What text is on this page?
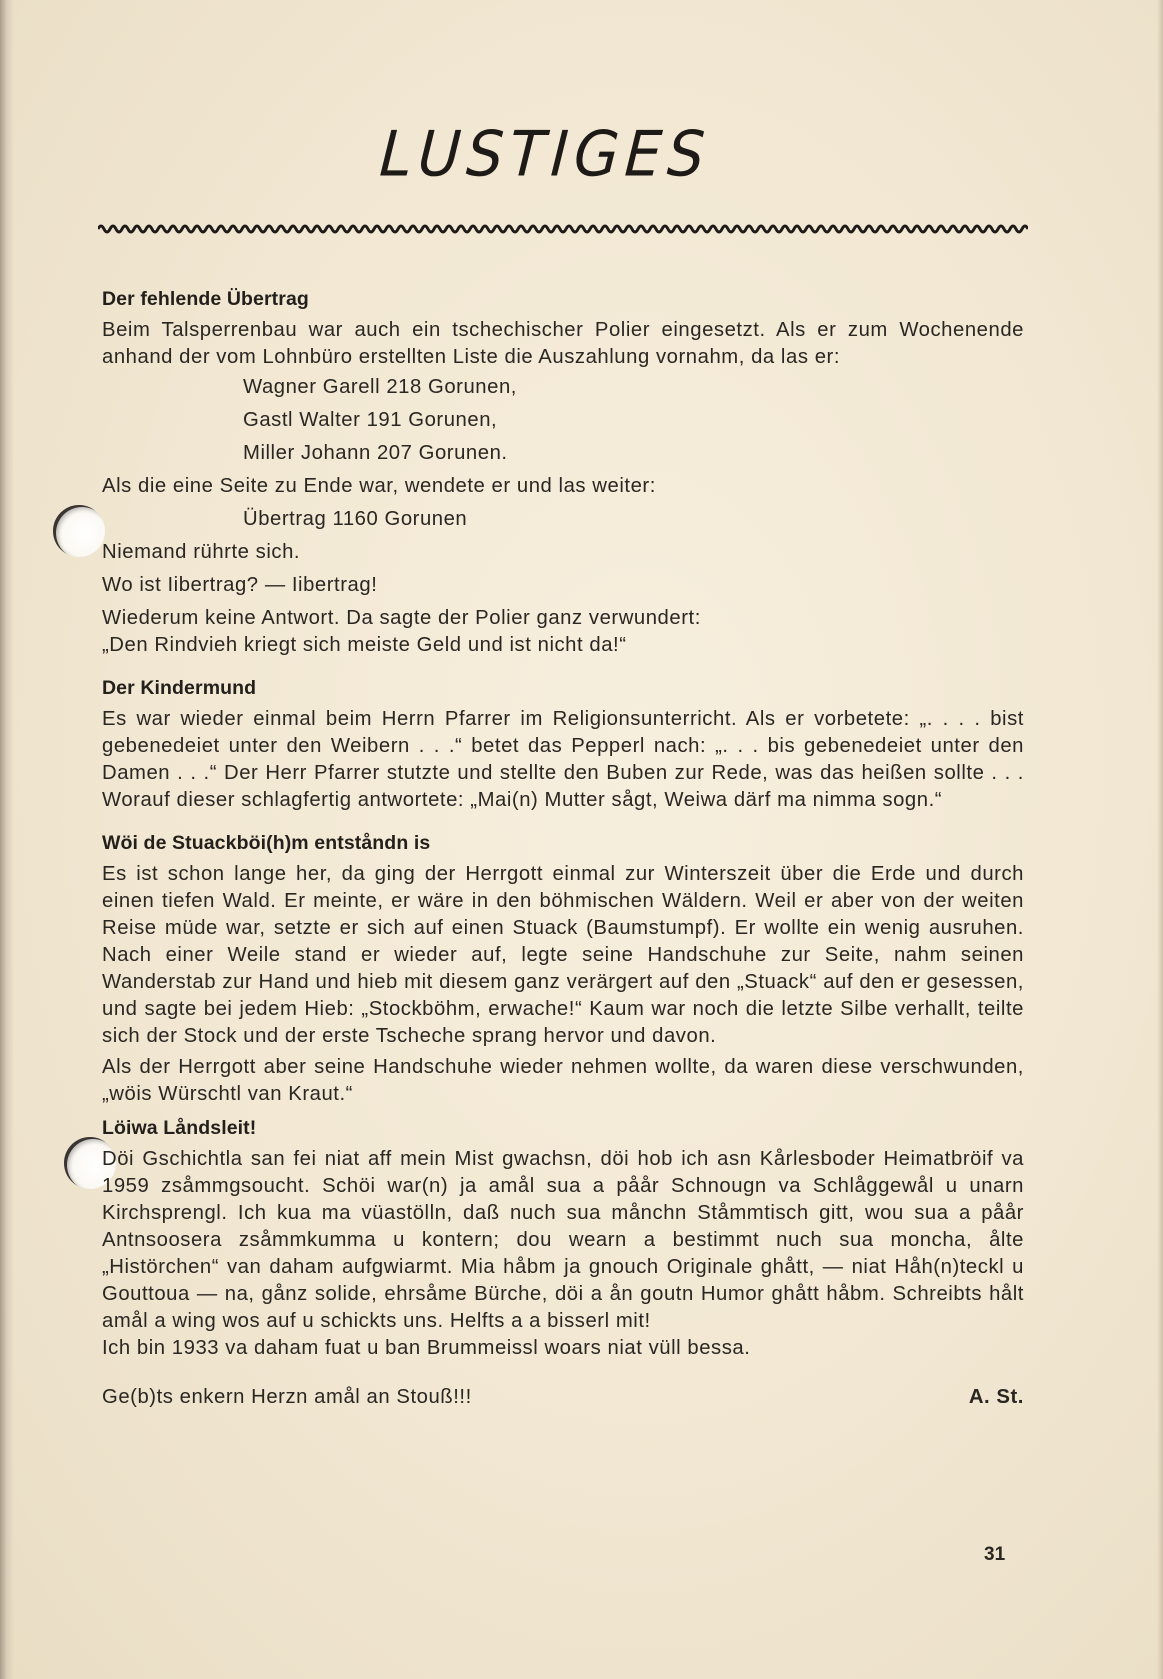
LUSTIGES
Der fehlende Übertrag

Beim Talsperrenbau war auch ein tschechischer Polier eingesetzt. Als er zum Wochenende anhand der vom Lohnbüro erstellten Liste die Auszahlung vornahm, da las er:

Wagner Garell 218 Gorunen,

Gastl Walter 191 Gorunen,

Miller Johann 207 Gorunen.

Als die eine Seite zu Ende war, wendete er und las weiter:

Übertrag 1160 Gorunen

Niemand rührte sich.

Wo ist Iibertrag? — Iibertrag!

Wiederum keine Antwort. Da sagte der Polier ganz verwundert:

„Den Rindvieh kriegt sich meiste Geld und ist nicht da!“

Der Kindermund

Es war wieder einmal beim Herrn Pfarrer im Religionsunterricht. Als er vorbetete: „. . . . bist gebenedeiet unter den Weibern . . .“ betet das Pepperl nach: „. . . bis gebenedeiet unter den Damen . . .“ Der Herr Pfarrer stutzte und stellte den Buben zur Rede, was das heißen sollte . . . Worauf dieser schlagfertig antwortete: „Mai(n) Mutter sågt, Weiwa därf ma nimma sogn.“

Wöi de Stuackböi(h)m entståndn is

Es ist schon lange her, da ging der Herrgott einmal zur Winterszeit über die Erde und durch einen tiefen Wald. Er meinte, er wäre in den böhmischen Wäldern. Weil er aber von der weiten Reise müde war, setzte er sich auf einen Stuack (Baumstumpf). Er wollte ein wenig ausruhen. Nach einer Weile stand er wieder auf, legte seine Handschuhe zur Seite, nahm seinen Wanderstab zur Hand und hieb mit diesem ganz verärgert auf den „Stuack“ auf den er gesessen, und sagte bei jedem Hieb: „Stockböhm, erwache!“ Kaum war noch die letzte Silbe verhallt, teilte sich der Stock und der erste Tscheche sprang hervor und davon.

Als der Herrgott aber seine Handschuhe wieder nehmen wollte, da waren diese verschwunden, „wöis Würschtl van Kraut.“

Löiwa Låndsleit!

Döi Gschichtla san fei niat aff mein Mist gwachsn, döi hob ich asn Kårlesboder Heimatbröif va 1959 zsåmmgsoucht. Schöi war(n) ja amål sua a påår Schnougn va Schlåggewål u unarn Kirchsprengl. Ich kua ma vüastölln, daß nuch sua månchn Ståmmtisch gitt, wou sua a påår Antnsoosera zsåmmkumma u kontern; dou wearn a bestimmt nuch sua moncha, ålte „Histörchen“ van daham aufgwiarmt. Mia håbm ja gnouch Originale ghått, — niat Håh(n)teckl u Gouttoua — na, gånz solide, ehrsåme Bürche, döi a ån goutn Humor ghått håbm. Schreibts hålt amål a wing wos auf u schickts uns. Helfts a a bisserl mit!

Ich bin 1933 va daham fuat u ban Brummeissl woars niat vüll bessa.

Ge(b)ts enkern Herzn amål an Stouß!!!	A. St.
31
